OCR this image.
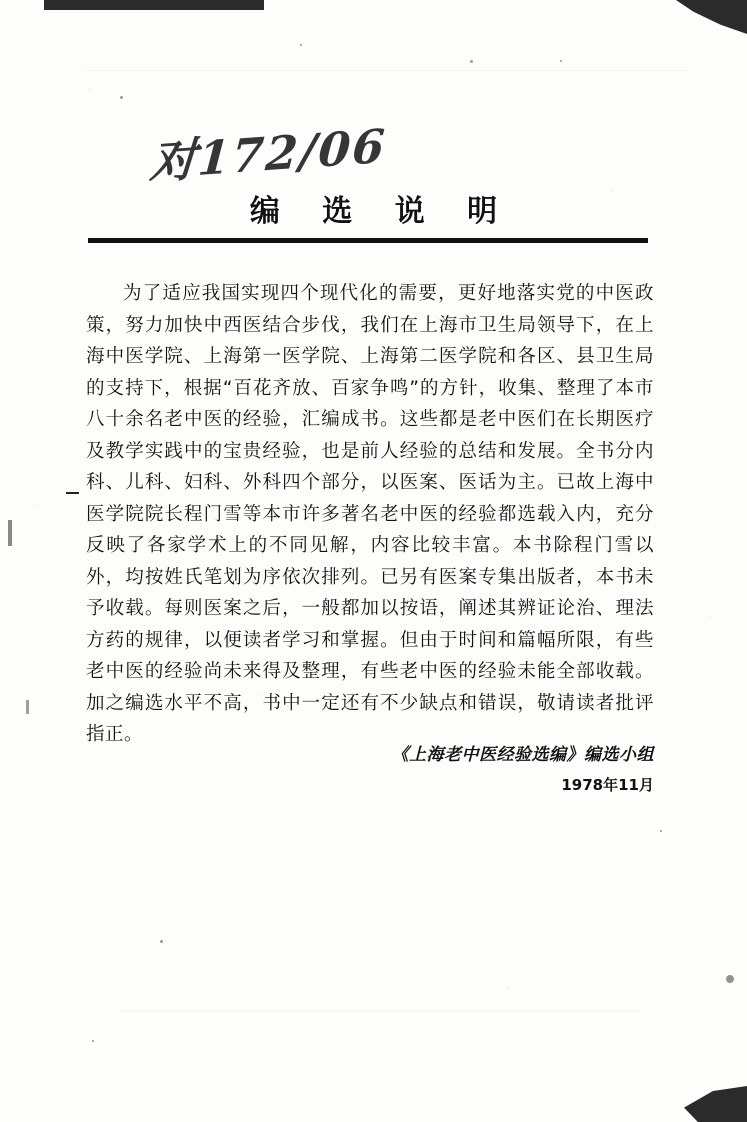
对172/06
编 选 说 明

为了适应我国实现四个现代化的需要，更好地落实党的中医政策，努力加快中西医结合步伐，我们在上海市卫生局领导下，在上海中医学院、上海第一医学院、上海第二医学院和各区、县卫生局的支持下，根据“百花齐放、百家争鸣”的方针，收集、整理了本市八十余名老中医的经验，汇编成书。这些都是老中医们在长期医疗及教学实践中的宝贵经验，也是前人经验的总结和发展。全书分内科、儿科、妇科、外科四个部分，以医案、医话为主。已故上海中医学院院长程门雪等本市许多著名老中医的经验都选载入内，充分反映了各家学术上的不同见解，内容比较丰富。本书除程门雪以外，均按姓氏笔划为序依次排列。已另有医案专集出版者，本书未予收载。每则医案之后，一般都加以按语，阐述其辨证论治、理法方药的规律，以便读者学习和掌握。但由于时间和篇幅所限，有些老中医的经验尚未来得及整理，有些老中医的经验未能全部收载。加之编选水平不高，书中一定还有不少缺点和错误，敬请读者批评指正。

《上海老中医经验选编》编选小组
1978年11月
